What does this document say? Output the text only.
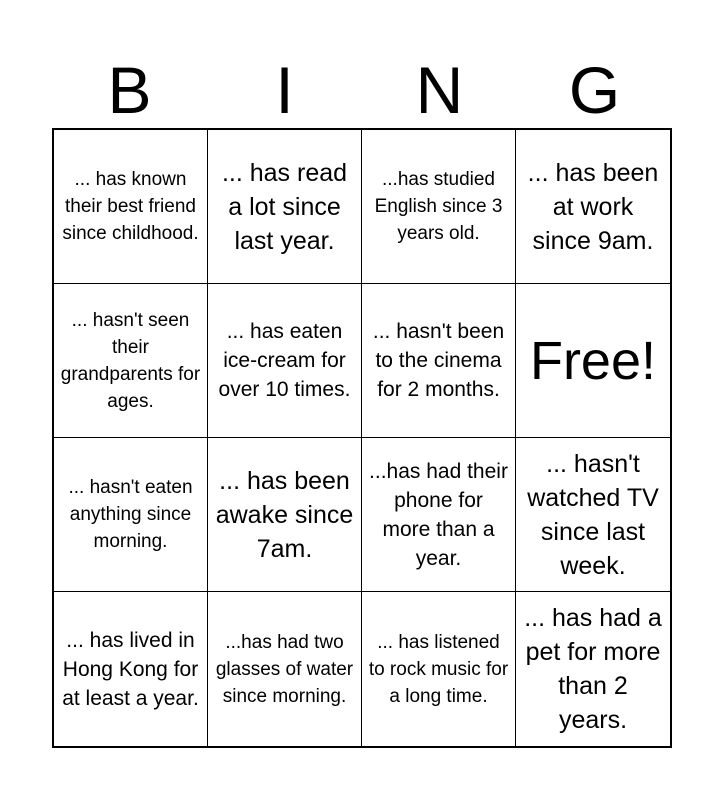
B	I	N	G
... has known their best friend since childhood.
... has read a lot since last year.
...has studied English since 3 years old.
... has been at work since 9am.
... hasn't seen their grandparents for ages.
... has eaten ice-cream for over 10 times.
... hasn't been to the cinema for 2 months. Free!
... hasn't eaten anything since morning.
... has been awake since 7am.
...has had their phone for more than a year.
... hasn't watched TV since last week.
... has lived in Hong Kong for at least a year.
...has had two glasses of water since morning.
... has listened to rock music for a long time.
... has had a pet for more than 2 years.
